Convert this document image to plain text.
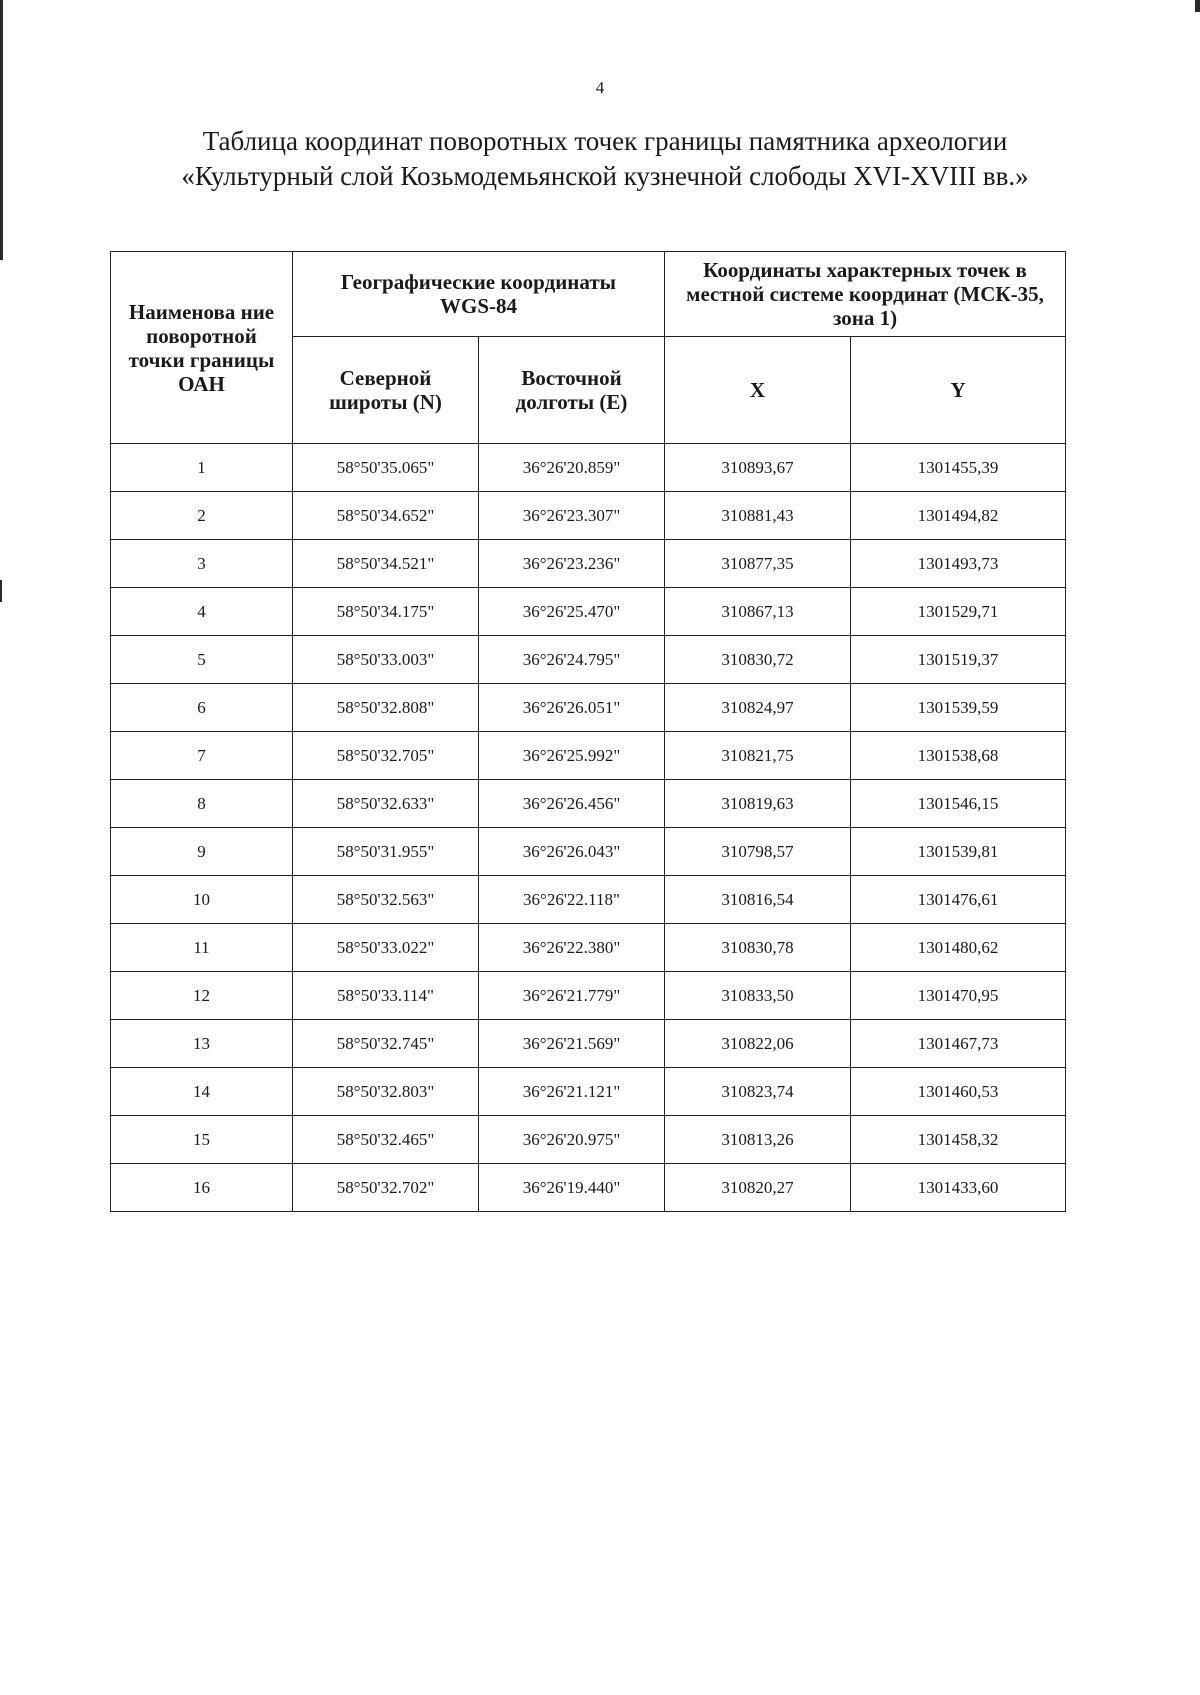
4
Таблица координат поворотных точек границы памятника археологии
«Культурный слой Козьмодемьянской кузнечной слободы XVI-XVIII вв.»
Наименова ние поворотной точки границы ОАН	Географические координаты WGS-84		Координаты характерных точек в местной системе координат (МСК-35, зона 1)	
	Северной широты (N)	Восточной долготы (E)	X	Y
1	58°50'35.065"	36°26'20.859"	310893,67	1301455,39
2	58°50'34.652"	36°26'23.307"	310881,43	1301494,82
3	58°50'34.521"	36°26'23.236"	310877,35	1301493,73
4	58°50'34.175"	36°26'25.470"	310867,13	1301529,71
5	58°50'33.003"	36°26'24.795"	310830,72	1301519,37
6	58°50'32.808"	36°26'26.051"	310824,97	1301539,59
7	58°50'32.705"	36°26'25.992"	310821,75	1301538,68
8	58°50'32.633"	36°26'26.456"	310819,63	1301546,15
9	58°50'31.955"	36°26'26.043"	310798,57	1301539,81
10	58°50'32.563"	36°26'22.118"	310816,54	1301476,61
11	58°50'33.022"	36°26'22.380"	310830,78	1301480,62
12	58°50'33.114"	36°26'21.779"	310833,50	1301470,95
13	58°50'32.745"	36°26'21.569"	310822,06	1301467,73
14	58°50'32.803"	36°26'21.121"	310823,74	1301460,53
15	58°50'32.465"	36°26'20.975"	310813,26	1301458,32
16	58°50'32.702"	36°26'19.440"	310820,27	1301433,60
